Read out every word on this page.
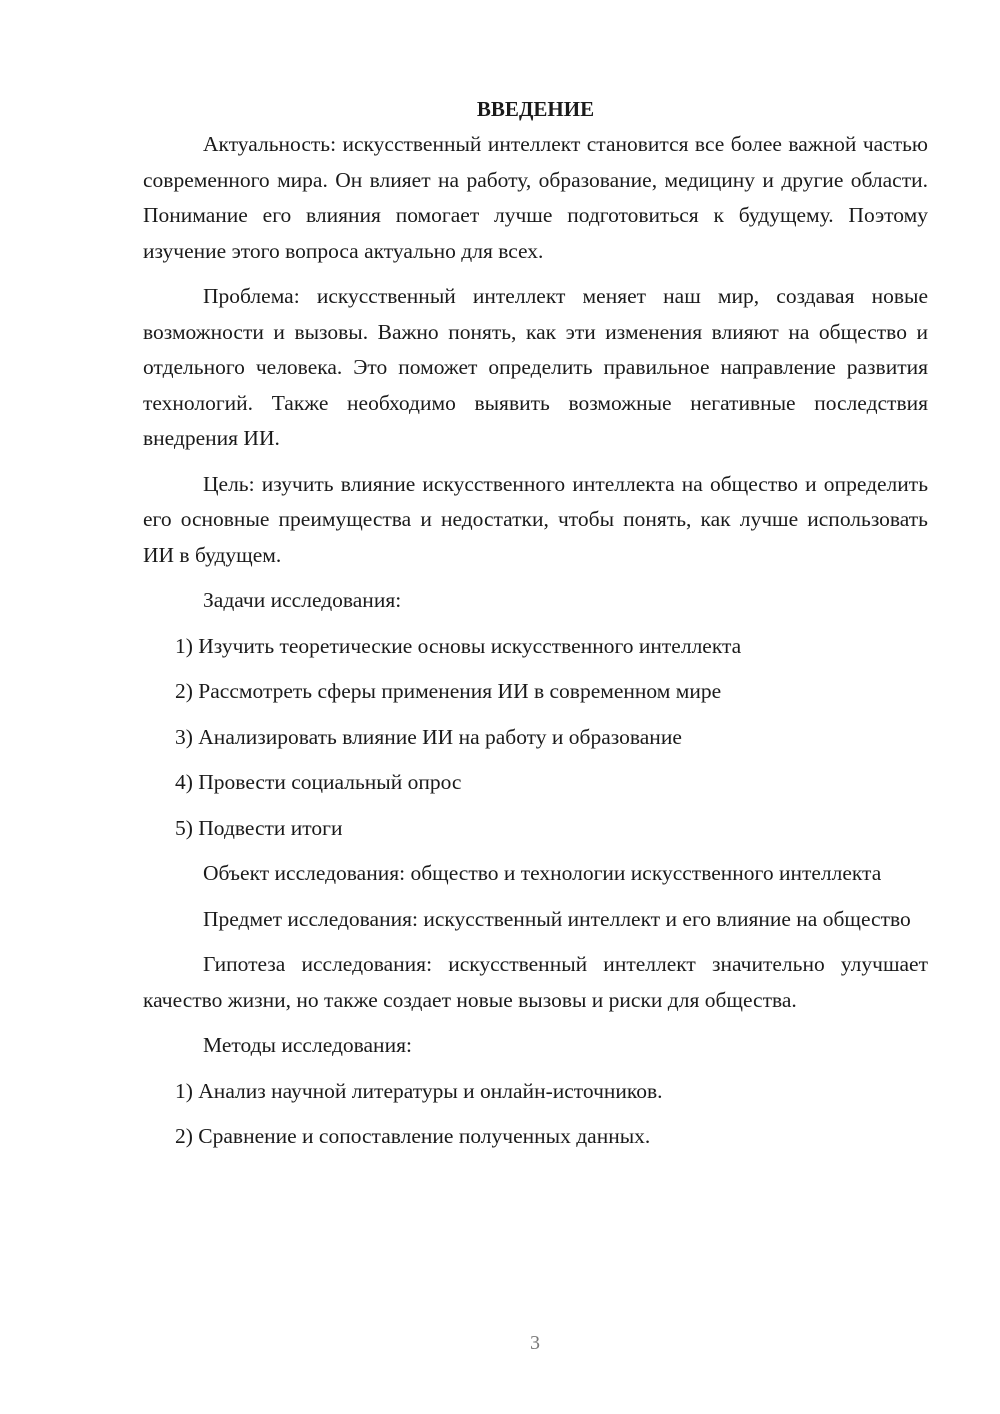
ВВЕДЕНИЕ

Актуальность: искусственный интеллект становится все более важной частью современного мира. Он влияет на работу, образование, медицину и другие области. Понимание его влияния помогает лучше подготовиться к будущему. Поэтому изучение этого вопроса актуально для всех.

Проблема: искусственный интеллект меняет наш мир, создавая новые возможности и вызовы. Важно понять, как эти изменения влияют на общество и отдельного человека. Это поможет определить правильное направление развития технологий. Также необходимо выявить возможные негативные последствия внедрения ИИ.

Цель: изучить влияние искусственного интеллекта на общество и определить его основные преимущества и недостатки, чтобы понять, как лучше использовать ИИ в будущем.

Задачи исследования:

1) Изучить теоретические основы искусственного интеллекта

2) Рассмотреть сферы применения ИИ в современном мире

3) Анализировать влияние ИИ на работу и образование

4) Провести социальный опрос

5) Подвести итоги

Объект исследования: общество и технологии искусственного интеллекта

Предмет исследования: искусственный интеллект и его влияние на общество

Гипотеза исследования: искусственный интеллект значительно улучшает качество жизни, но также создает новые вызовы и риски для общества.

Методы исследования:

1) Анализ научной литературы и онлайн-источников.

2) Сравнение и сопоставление полученных данных.

3
